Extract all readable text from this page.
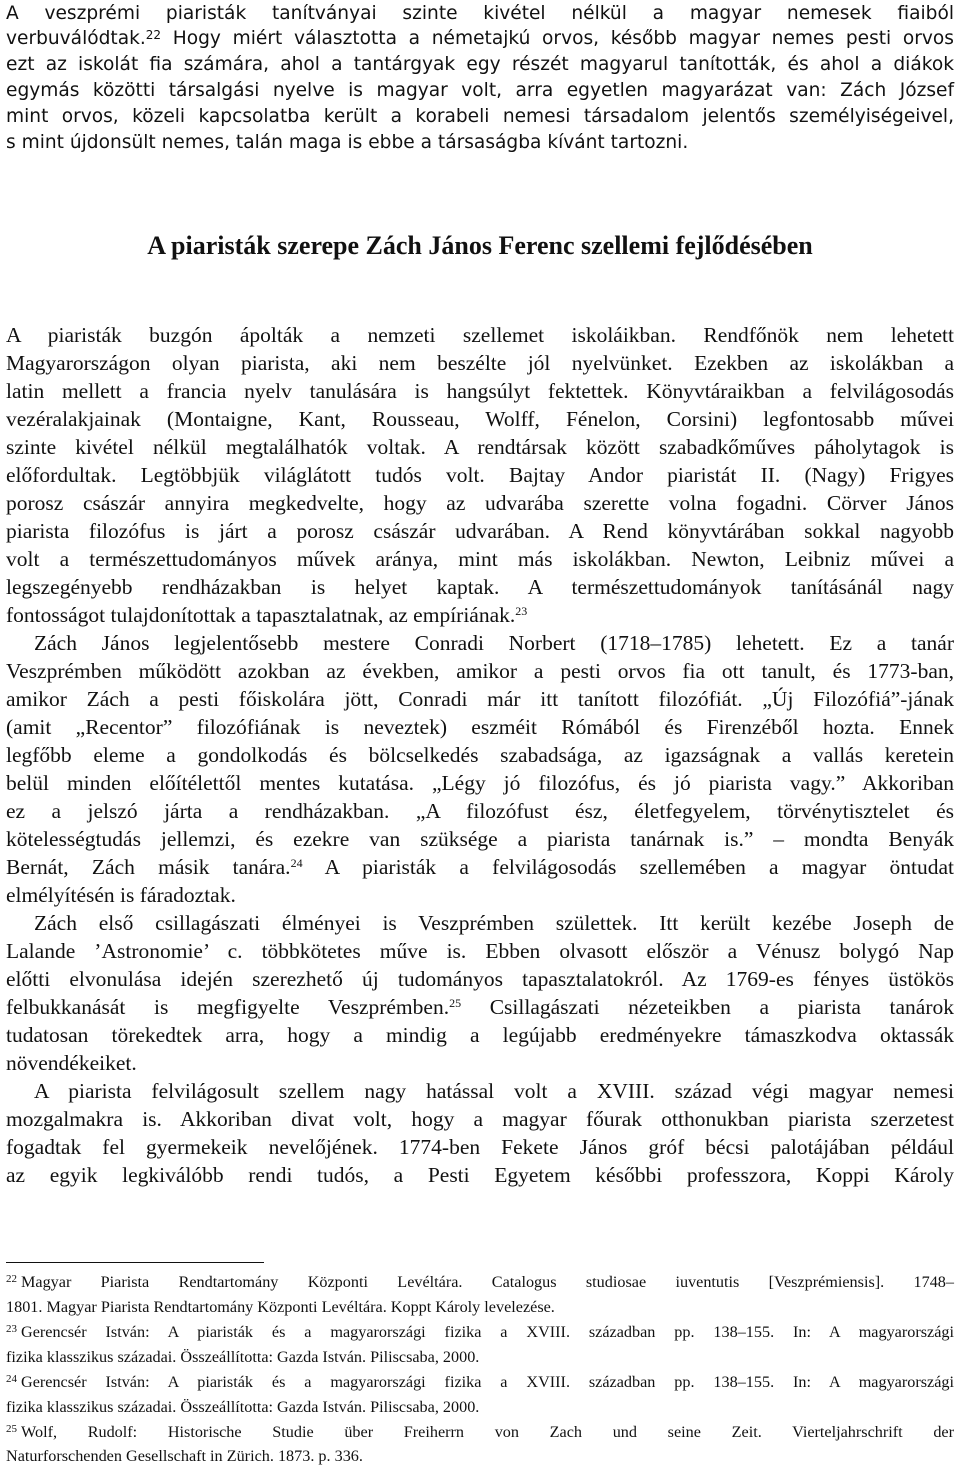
A veszprémi piaristák tanítványai szinte kivétel nélkül a magyar nemesek fiaiból
verbuválódtak.$^{22}$ Hogy miért választotta a németajkú orvos, később magyar nemes pesti orvos
ezt az iskolát fia számára, ahol a tantárgyak egy részét magyarul tanították, és ahol a diákok
egymás közötti társalgási nyelve is magyar volt, arra egyetlen magyarázat van: Zách József
mint orvos, közeli kapcsolatba került a korabeli nemesi társadalom jelentős személyiségeivel,
s mint újdonsült nemes, talán maga is ebbe a társaságba kívánt tartozni.
A piaristák szerepe Zách János Ferenc szellemi fejlődésében
A piaristák buzgón ápolták a nemzeti szellemet iskoláikban. Rendfőnök nem lehetett
Magyarországon olyan piarista, aki nem beszélte jól nyelvünket. Ezekben az iskolákban a
latin mellett a francia nyelv tanulására is hangsúlyt fektettek. Könyvtáraikban a felvilágosodás
vezéralakjainak (Montaigne, Kant, Rousseau, Wolff, Fénelon, Corsini) legfontosabb művei
szinte kivétel nélkül megtalálhatók voltak. A rendtársak között szabadkőműves páholytagok is
előfordultak. Legtöbbjük világlátott tudós volt. Bajtay Andor piaristát II. (Nagy) Frigyes
porosz császár annyira megkedvelte, hogy az udvarába szerette volna fogadni. Cörver János
piarista filozófus is járt a porosz császár udvarában. A Rend könyvtárában sokkal nagyobb
volt a természettudományos művek aránya, mint más iskolákban. Newton, Leibniz művei a
legszegényebb rendházakban is helyet kaptak. A természettudományok tanításánál nagy
fontosságot tulajdonítottak a tapasztalatnak, az empíriának.$^{23}$
Zách János legjelentősebb mestere Conradi Norbert (1718–1785) lehetett. Ez a tanár
Veszprémben működött azokban az években, amikor a pesti orvos fia ott tanult, és 1773-ban,
amikor Zách a pesti főiskolára jött, Conradi már itt tanított filozófiát. „Új Filozófiá”-jának
(amit „Recentor” filozófiának is neveztek) eszméit Rómából és Firenzéből hozta. Ennek
legfőbb eleme a gondolkodás és bölcselkedés szabadsága, az igazságnak a vallás keretein
belül minden előítélettől mentes kutatása. „Légy jó filozófus, és jó piarista vagy.” Akkoriban
ez a jelszó járta a rendházakban. „A filozófust ész, életfegyelem, törvénytisztelet és
kötelességtudás jellemzi, és ezekre van szüksége a piarista tanárnak is.” – mondta Benyák
Bernát, Zách másik tanára.$^{24}$ A piaristák a felvilágosodás szellemében a magyar öntudat
elmélyítésén is fáradoztak.
Zách első csillagászati élményei is Veszprémben születtek. Itt került kezébe Joseph de
Lalande ’Astronomie’ c. többkötetes műve is. Ebben olvasott először a Vénusz bolygó Nap
előtti elvonulása idején szerezhető új tudományos tapasztalatokról. Az 1769-es fényes üstökös
felbukkanását is megfigyelte Veszprémben.$^{25}$ Csillagászati nézeteikben a piarista tanárok
tudatosan törekedtek arra, hogy a mindig a legújabb eredményekre támaszkodva oktassák
növendékeiket.
A piarista felvilágosult szellem nagy hatással volt a XVIII. század végi magyar nemesi
mozgalmakra is. Akkoriban divat volt, hogy a magyar főurak otthonukban piarista szerzetest
fogadtak fel gyermekeik nevelőjének. 1774-ben Fekete János gróf bécsi palotájában például
az egyik legkiválóbb rendi tudós, a Pesti Egyetem későbbi professzora, Koppi Károly
$^{22}$ Magyar Piarista Rendtartomány Központi Levéltára. Catalogus studiosae iuventutis [Veszprémiensis]. 1748–
1801. Magyar Piarista Rendtartomány Központi Levéltára. Koppt Károly levelezése.
$^{23}$ Gerencsér István: A piaristák és a magyarországi fizika a XVIII. században pp. 138–155. In: A magyarországi
fizika klasszikus századai. Összeállította: Gazda István. Piliscsaba, 2000.
$^{24}$ Gerencsér István: A piaristák és a magyarországi fizika a XVIII. században pp. 138–155. In: A magyarországi
fizika klasszikus századai. Összeállította: Gazda István. Piliscsaba, 2000.
$^{25}$ Wolf, Rudolf: Historische Studie über Freiherrn von Zach und seine Zeit. Vierteljahrschrift der
Naturforschenden Gesellschaft in Zürich. 1873. p. 336.
